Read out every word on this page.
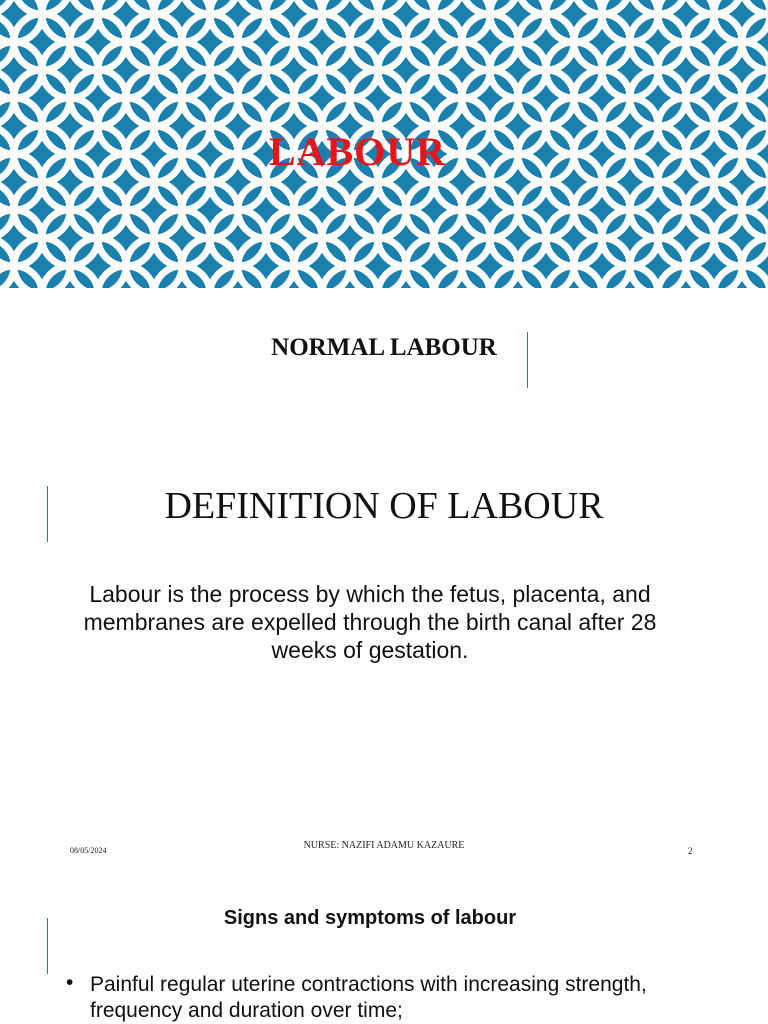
LABOUR
NORMAL LABOUR
DEFINITION OF LABOUR
Labour is the process by which the fetus, placenta, and membranes are expelled through the birth canal after 28 weeks of gestation.
08/05/2024	NURSE: NAZIFI ADAMU KAZAURE	2
Signs and symptoms of labour
• Painful regular uterine contractions with increasing strength, frequency and duration over time;
